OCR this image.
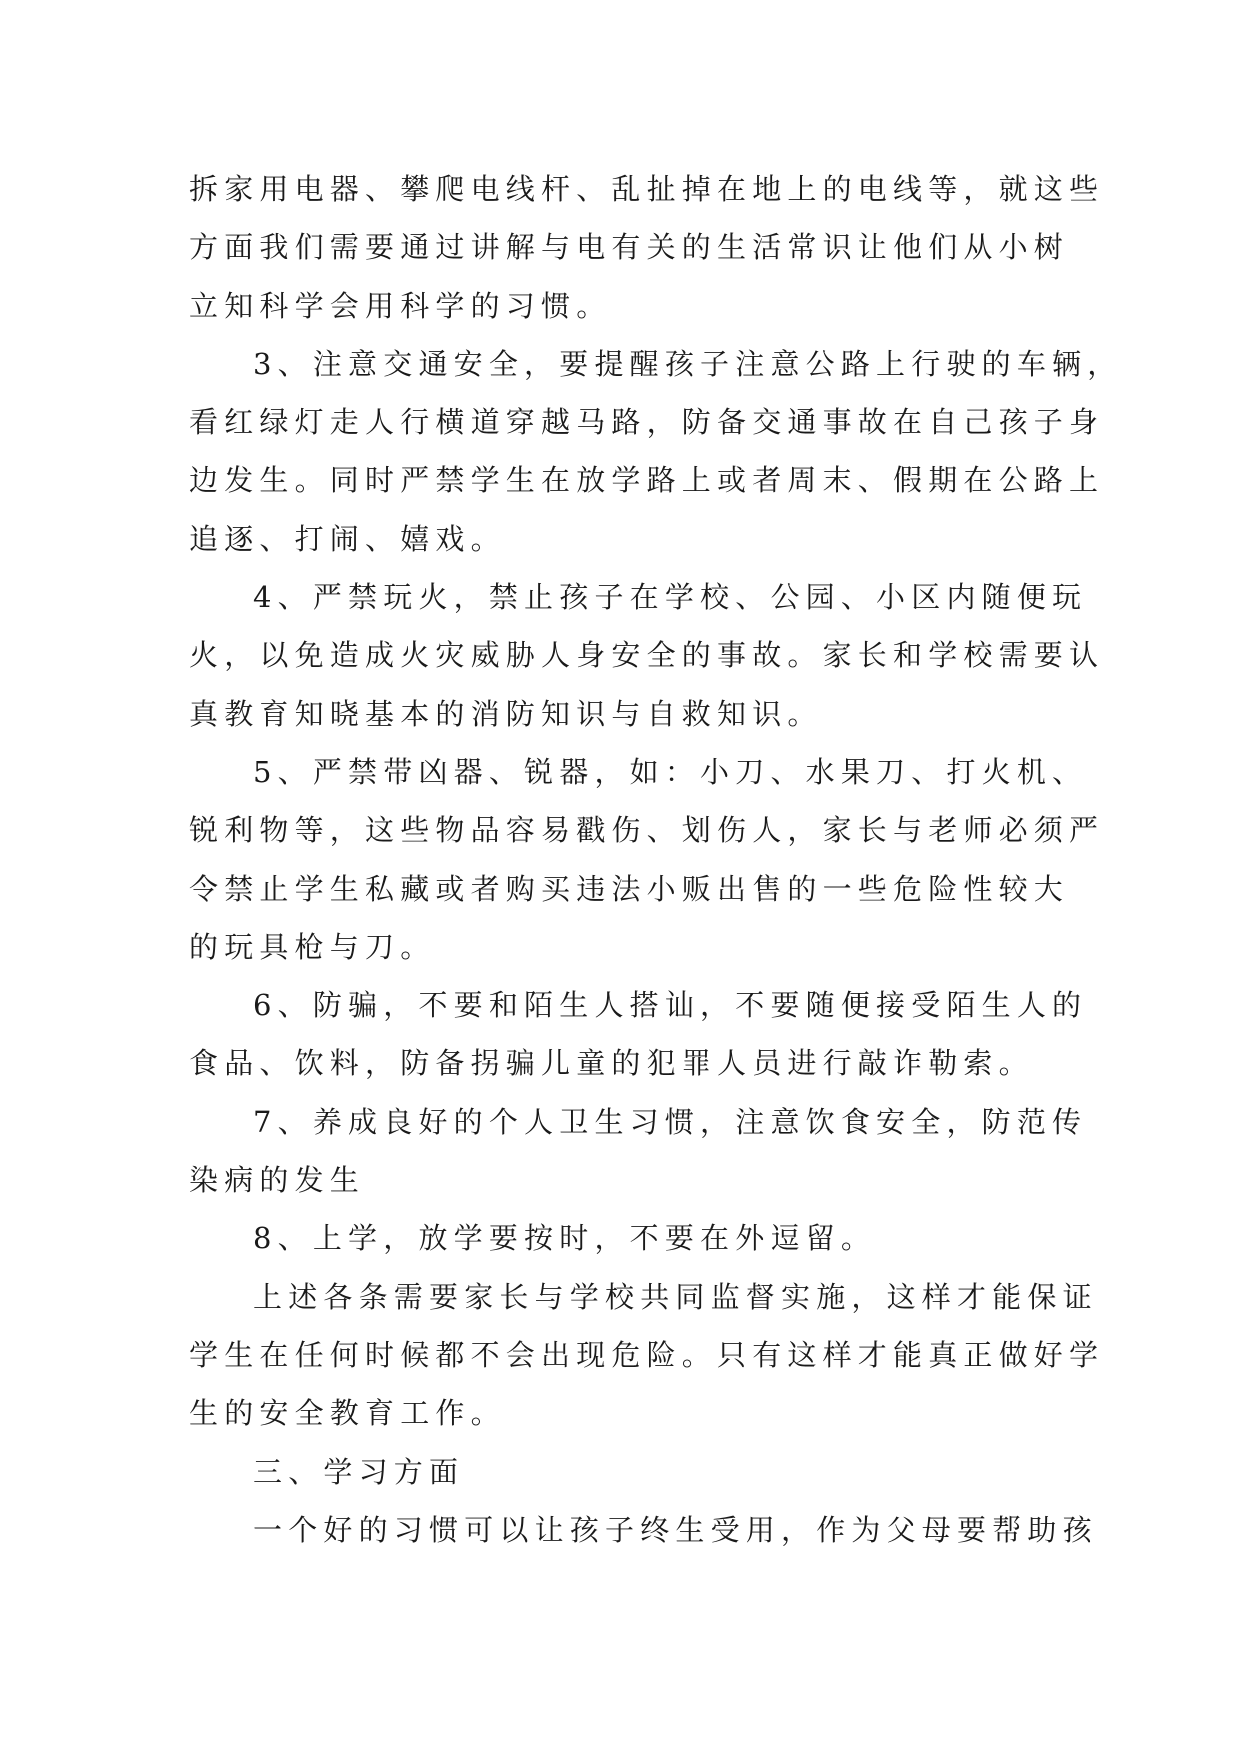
拆家用电器、攀爬电线杆、乱扯掉在地上的电线等，就这些
方面我们需要通过讲解与电有关的生活常识让他们从小树
立知科学会用科学的习惯。
3、注意交通安全，要提醒孩子注意公路上行驶的车辆，
看红绿灯走人行横道穿越马路，防备交通事故在自己孩子身
边发生。同时严禁学生在放学路上或者周末、假期在公路上
追逐、打闹、嬉戏。
4、严禁玩火，禁止孩子在学校、公园、小区内随便玩
火，以免造成火灾威胁人身安全的事故。家长和学校需要认
真教育知晓基本的消防知识与自救知识。
5、严禁带凶器、锐器，如：小刀、水果刀、打火机、
锐利物等，这些物品容易戳伤、划伤人，家长与老师必须严
令禁止学生私藏或者购买违法小贩出售的一些危险性较大
的玩具枪与刀。
6、防骗，不要和陌生人搭讪，不要随便接受陌生人的
食品、饮料，防备拐骗儿童的犯罪人员进行敲诈勒索。
7、养成良好的个人卫生习惯，注意饮食安全，防范传
染病的发生
8、上学，放学要按时，不要在外逗留。
上述各条需要家长与学校共同监督实施，这样才能保证
学生在任何时候都不会出现危险。只有这样才能真正做好学
生的安全教育工作。
三、学习方面
一个好的习惯可以让孩子终生受用，作为父母要帮助孩
